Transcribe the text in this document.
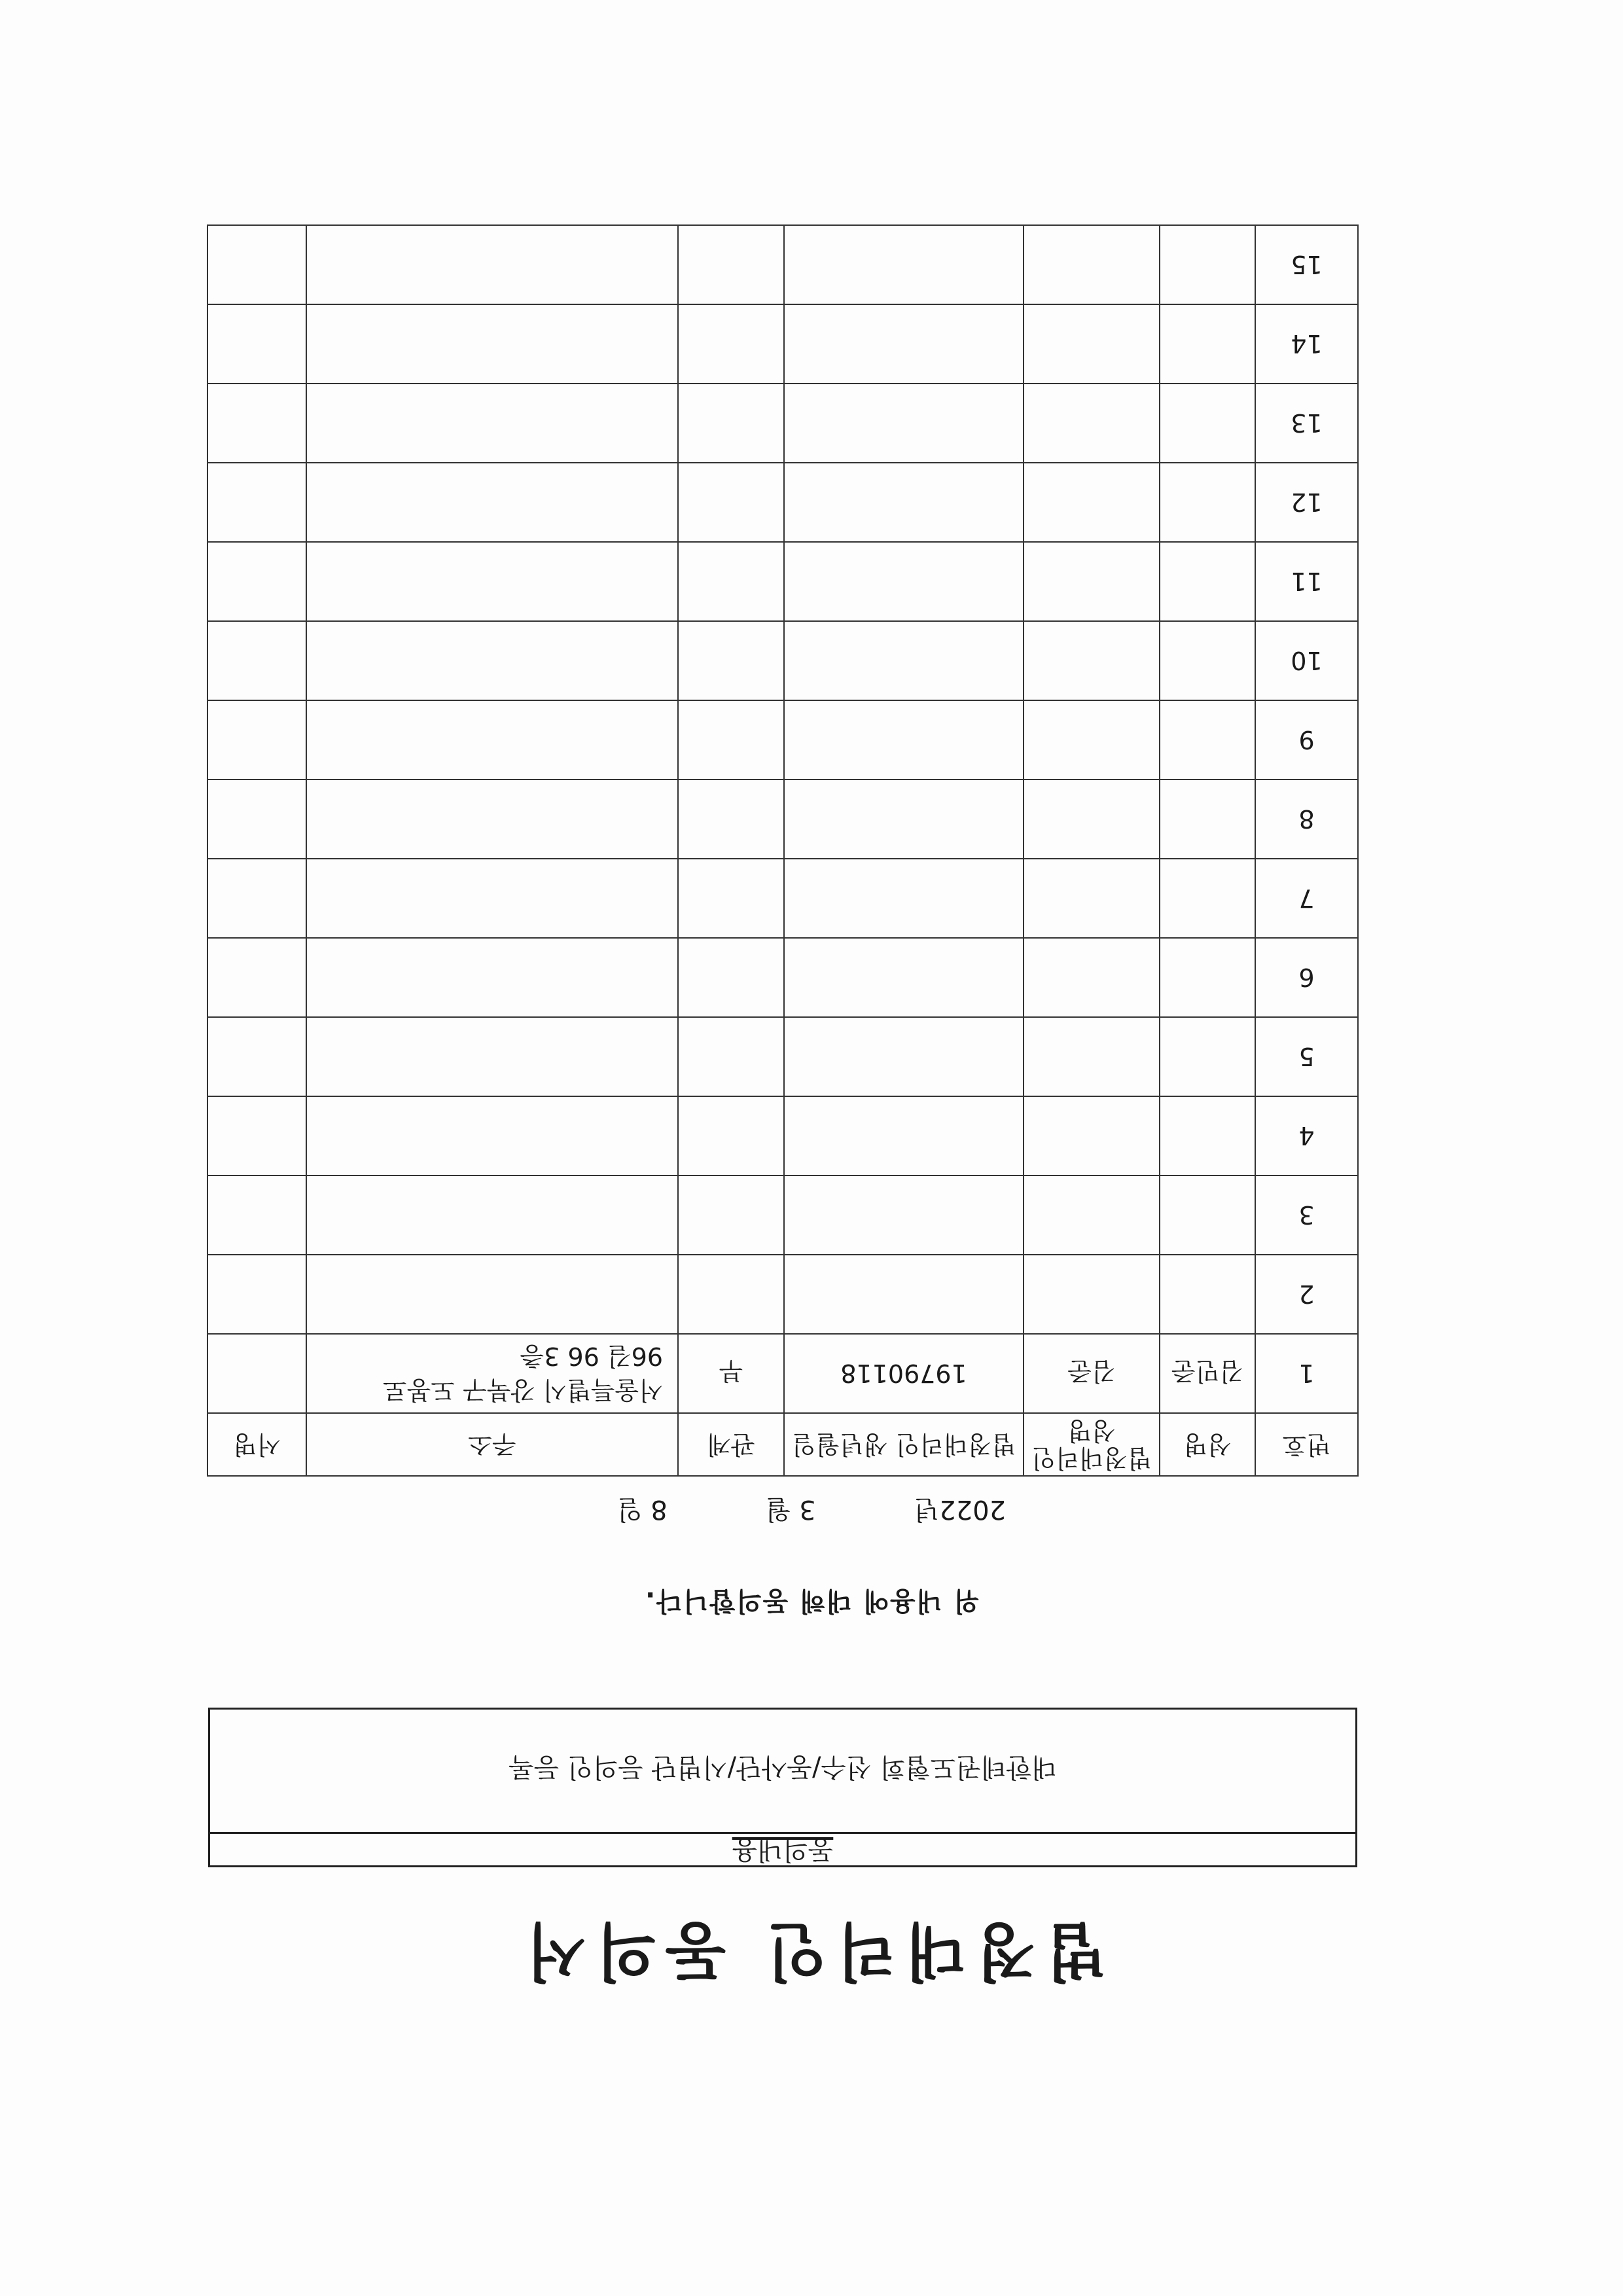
법정대리인 동의서
동의내용
대한테권도협회 선수/동사단/시범단 등의인 등록
위 내용에 대해 동의합니다.
2022년3 월8 일
번호	성명	법정대리인 성명	법정대리인 생년월일	관계	주소	서명
1	김민준	김준	19790118	부	서울특별시 강북구 도봉로
96길 96 3층	

2					

3					

4					

5					

6					

7					

8					

9					

10					

11					

12					

13					

14					

15					
